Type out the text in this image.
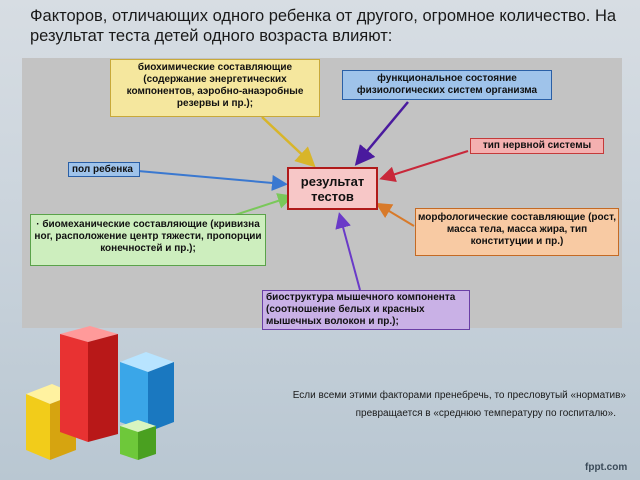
Факторов, отличающих одного ребенка от другого, огромное количество. На результат теста детей одного возраста влияют:
биохимические составляющие (содержание энергетических компонентов, аэробно-анаэробные резервы и пр.);
функциональное состояние физиологических систем организма
тип нервной системы
пол ребенка
результат тестов
· биомеханические составляющие (кривизна ног, расположение центр тяжести, пропорции конечностей и пр.);
морфологические составляющие (рост, масса тела, масса жира, тип конституции и пр.)
биоструктура мышечного компонента (соотношение белых и красных мышечных волокон и пр.);
Если всеми этими факторами пренебречь, то пресловутый «норматив»
превращается в «среднюю температуру по госпиталю».
fppt.com
